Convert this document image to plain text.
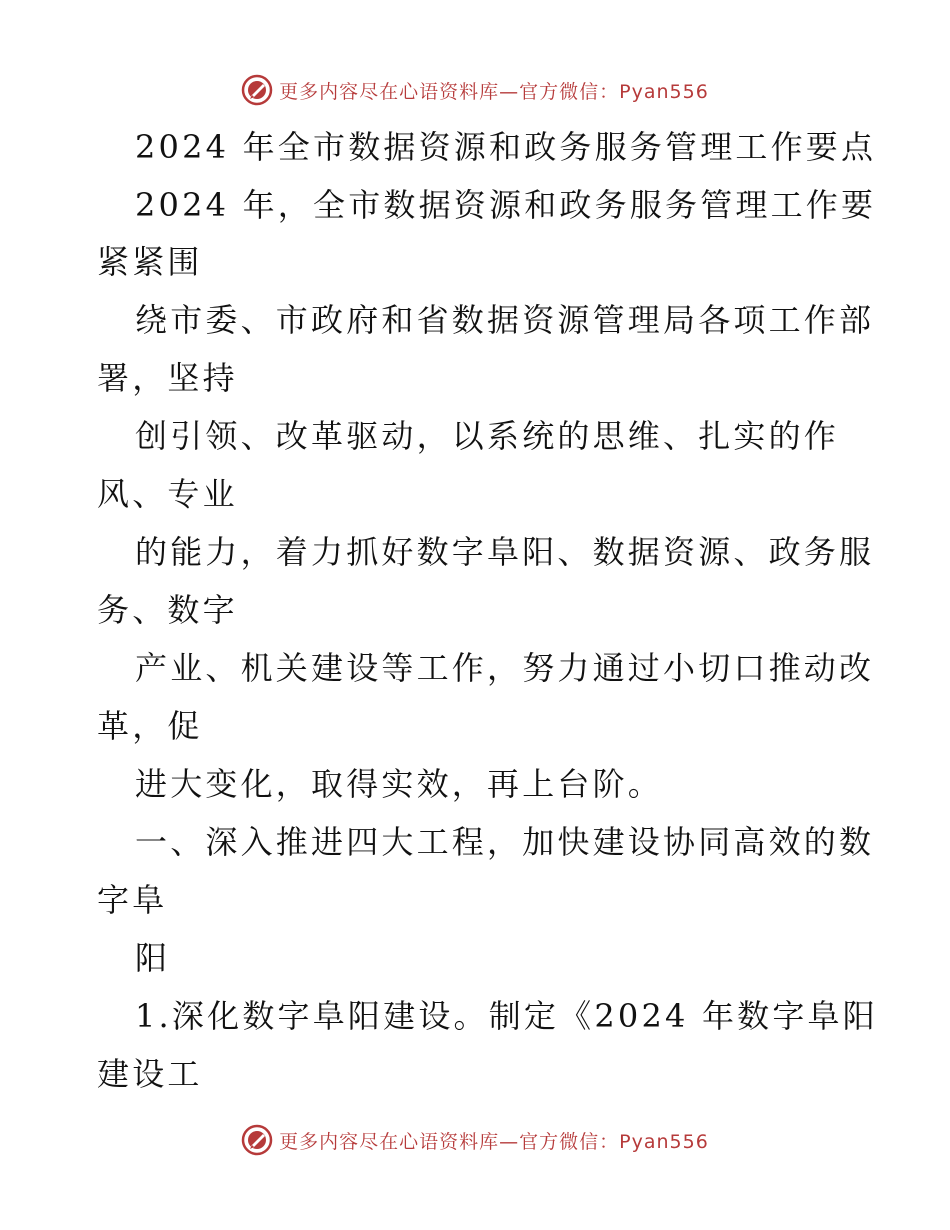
更多内容尽在心语资料库—官方微信：Pyan556
2024 年全市数据资源和政务服务管理工作要点
2024 年，全市数据资源和政务服务管理工作要
紧紧围
绕市委、市政府和省数据资源管理局各项工作部
署，坚持
创引领、改革驱动，以系统的思维、扎实的作
风、专业
的能力，着力抓好数字阜阳、数据资源、政务服
务、数字
产业、机关建设等工作，努力通过小切口推动改
革，促
进大变化，取得实效，再上台阶。
一、深入推进四大工程，加快建设协同高效的数
字阜
阳
1.深化数字阜阳建设。制定《2024 年数字阜阳
建设工
更多内容尽在心语资料库—官方微信：Pyan556
